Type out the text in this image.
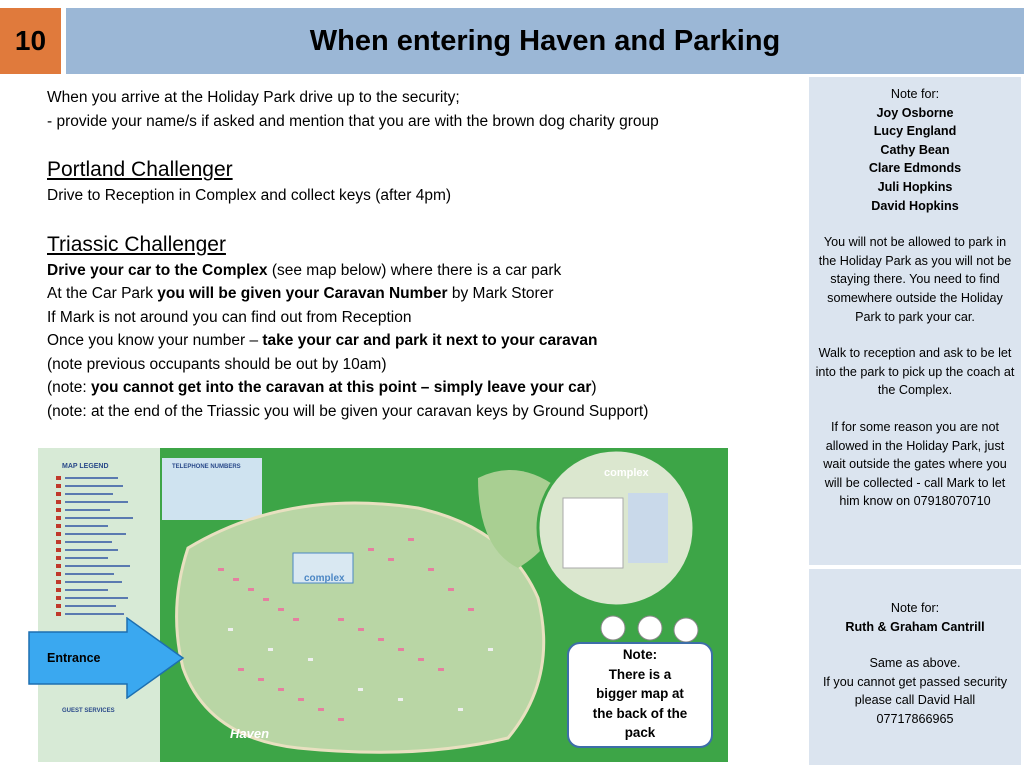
10	When entering Haven and Parking
When you arrive at the Holiday Park drive up to the security;
- provide your name/s if asked and mention that you are with the brown dog charity group
Portland Challenger
Drive to Reception in Complex and collect keys (after 4pm)
Triassic Challenger
Drive your car to the Complex (see map below) where there is a car park
At the Car Park you will be given your Caravan Number by Mark Storer
If Mark is not around you can find out from Reception
Once you know your number – take your car and park it next to your caravan
(note previous occupants should be out by 10am)
(note: you cannot get into the caravan at this point – simply leave your car)
(note: at the end of the Triassic you will be given your caravan keys by Ground Support)
Note for:
Joy Osborne
Lucy England
Cathy Bean
Clare Edmonds
Juli Hopkins
David Hopkins
You will not be allowed to park in the Holiday Park as you will not be staying there. You need to find somewhere outside the Holiday Park to park your car.
Walk to reception and ask to be let into the park to pick up the coach at the Complex.
If for some reason you are not allowed in the Holiday Park, just wait outside the gates where you will be collected - call Mark to let him know on 07918070710
Note for:
Ruth & Graham Cantrill
Same as above.
If you cannot get passed security please call David Hall 07717866965
MAP LEGEND
GUEST SERVICES
TELEPHONE NUMBERS
complex
complex
Haven
Entrance	Note:
There is a
bigger map at
the back of the
pack
